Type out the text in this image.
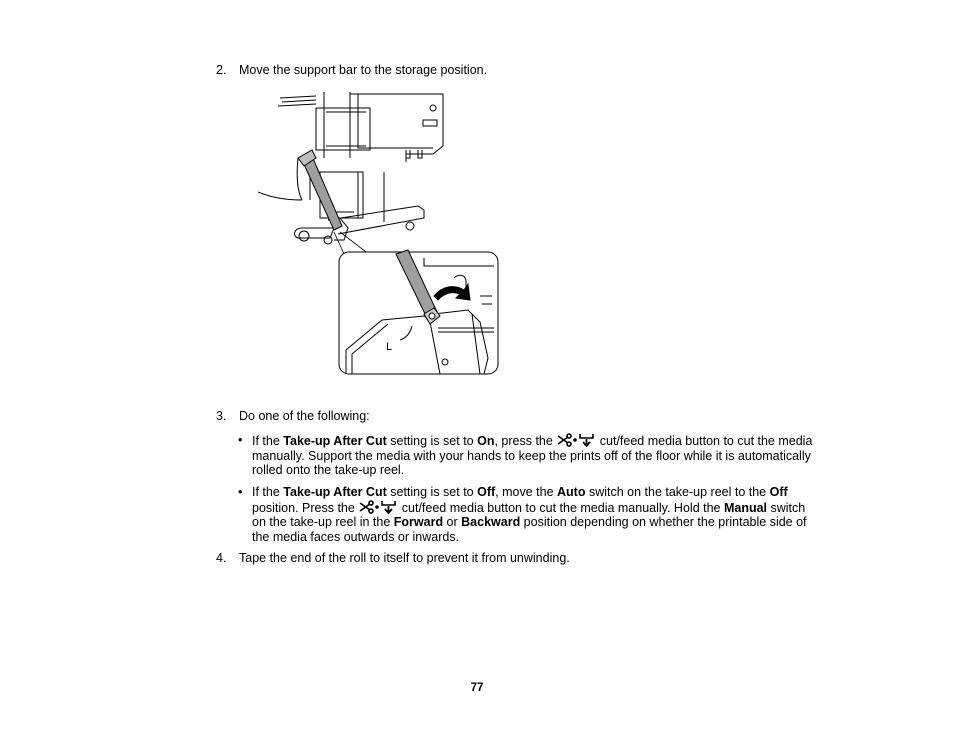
2. Move the support bar to the storage position.
L
3. Do one of the following:
• If the Take-up After Cut setting is set to On, press the	cut/feed media button to cut the media manually. Support the media with your hands to keep the prints off of the floor while it is automatically rolled onto the take-up reel.
• If the Take-up After Cut setting is set to Off, move the Auto switch on the take-up reel to the Off position. Press the	cut/feed media button to cut the media manually. Hold the Manual switch on the take-up reel in the Forward or Backward position depending on whether the printable side of the media faces outwards or inwards.
4. Tape the end of the roll to itself to prevent it from unwinding.
77
